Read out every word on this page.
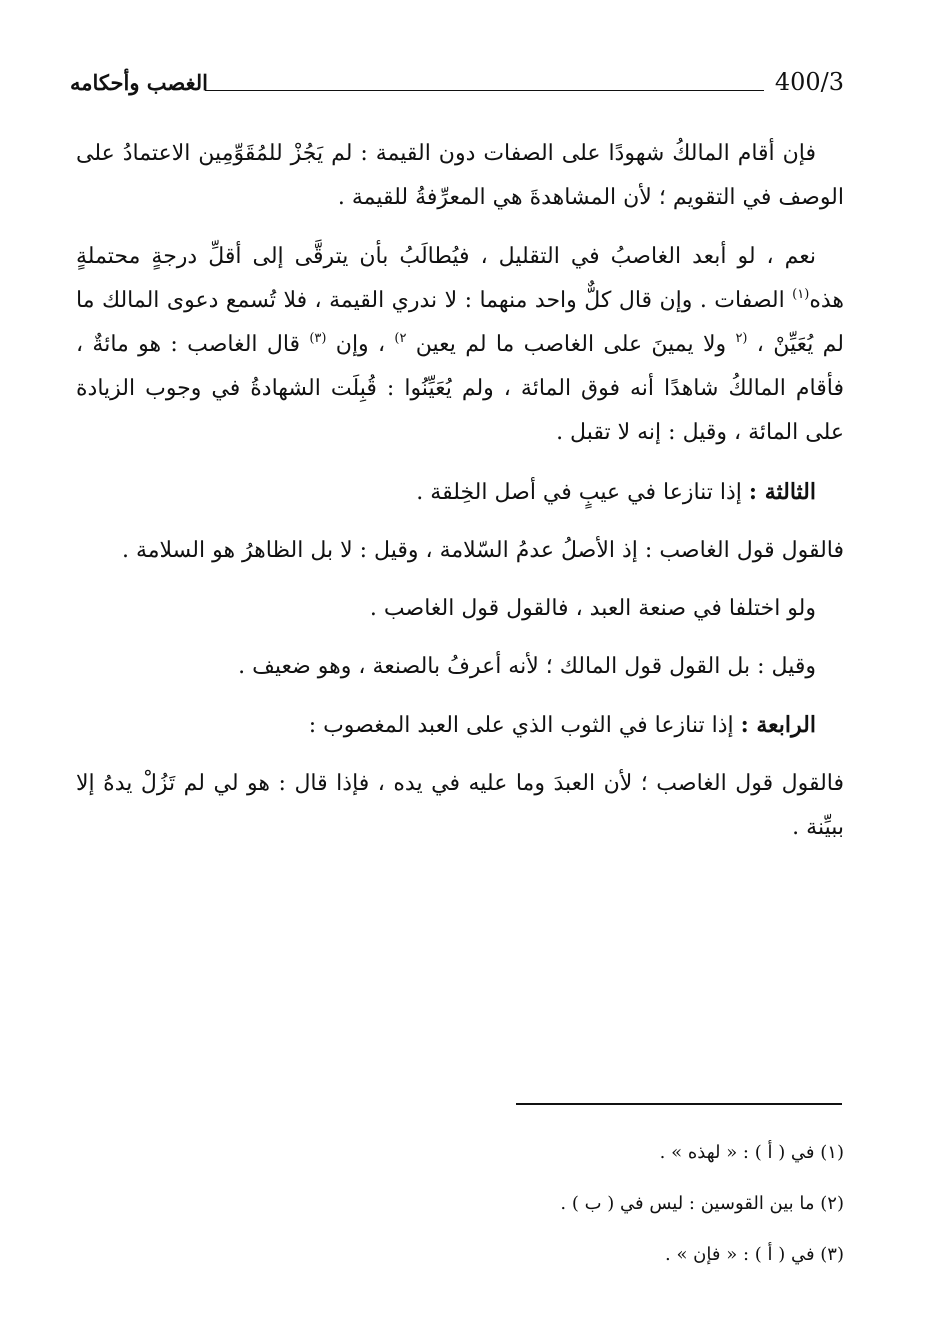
400/3
الغصب وأحكامه

فإن أقام المالكُ شهودًا على الصفات دون القيمة : لم يَجُزْ للمُقَوِّمِين الاعتمادُ على الوصف في التقويم ؛ لأن المشاهدةَ هي المعرِّفةُ للقيمة .

نعم ، لو أبعد الغاصبُ في التقليل ، فيُطالَبُ بأن يترقَّى إلى أقلِّ درجةٍ محتملةٍ هذه$^{(١)}$ الصفات . وإن قال كلٌّ واحد منهما : لا ندري القيمة ، فلا تُسمع دعوى المالك ما لم يُعَيِّنْ ، $^{(٢}$ ولا يمينَ على الغاصب ما لم يعين $^{٢)}$ ، وإن $^{(٣)}$ قال الغاصب : هو مائةٌ ، فأقام المالكُ شاهدًا أنه فوق المائة ، ولم يُعَيِّنُوا : قُبِلَت الشهادةُ في وجوب الزيادة على المائة ، وقيل : إنه لا تقبل .

الثالثة : إذا تنازعا في عيبٍ في أصل الخِلقة .

فالقول قول الغاصب : إذ الأصلُ عدمُ السّلامة ، وقيل : لا بل الظاهرُ هو السلامة .

ولو اختلفا في صنعة العبد ، فالقول قول الغاصب .

وقيل : بل القول قول المالك ؛ لأنه أعرفُ بالصنعة ، وهو ضعيف .

الرابعة : إذا تنازعا في الثوب الذي على العبد المغصوب :

فالقول قول الغاصب ؛ لأن العبدَ وما عليه في يده ، فإذا قال : هو لي لم تَزُلْ يدهُ إلا ببيِّنة .

(١) في ( أ ) : « لهذه » .
(٢) ما بين القوسين : ليس في ( ب ) .
(٣) في ( أ ) : « فإن » .
